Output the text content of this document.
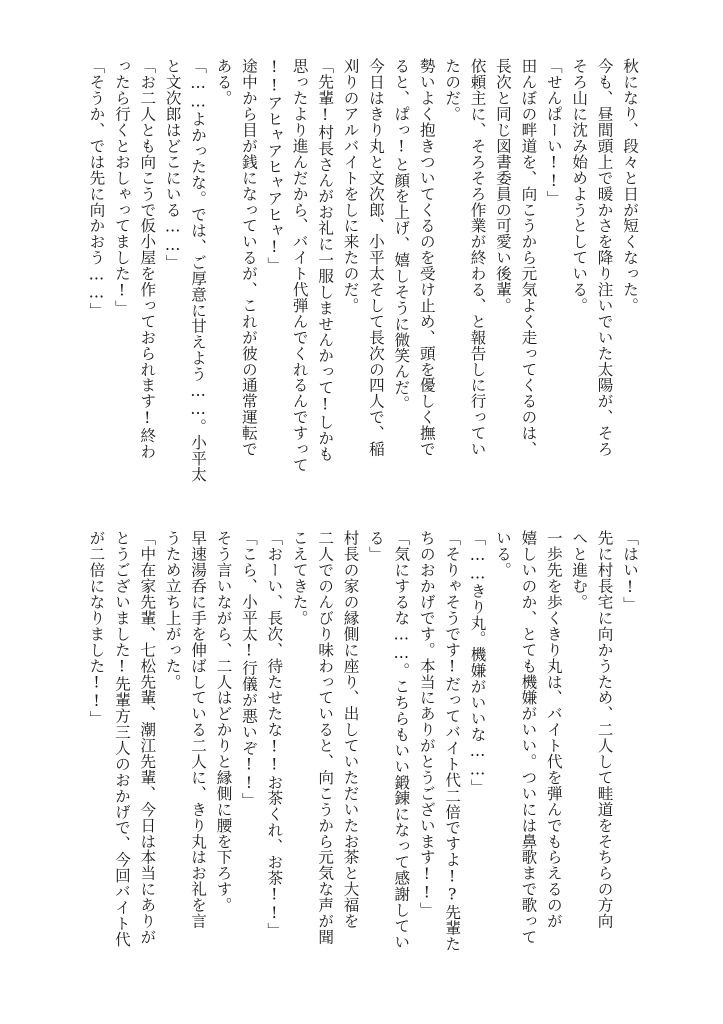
秋になり、段々と日が短くなった。
今も、昼間頭上で暖かさを降り注いでいた太陽が、そろ
そろ山に沈み始めようとしている。
「せんぱーい!!」
田んぼの畔道を、向こうから元気よく走ってくるのは、
長次と同じ図書委員の可愛い後輩。
依頼主に、そろそろ作業が終わる、と報告しに行ってい
たのだ。
勢いよく抱きついてくるのを受け止め、頭を優しく撫で
ると、ぱっ!と顔を上げ、嬉しそうに微笑んだ。
今日はきり丸と文次郎、小平太そして長次の四人で、稲
刈りのアルバイトをしに来たのだ。
「先輩!村長さんがお礼に一服しませんかって!しかも
思ったより進んだから、バイト代弾んでくれるんですって
!!アヒャアヒャアヒャ!」
途中から目が銭になっているが、これが彼の通常運転で
ある。
「……よかったな。では、ご厚意に甘えよう……。小平太
と文次郎はどこにいる……」
「お二人とも向こうで仮小屋を作っておられます!終わ
ったら行くとおしゃってました!」
「そうか、では先に向かおう……」
「はい!」
先に村長宅に向かうため、二人して畦道をそちらの方向
へと進む。
一歩先を歩くきり丸は、バイト代を弾んでもらえるのが
嬉しいのか、とても機嫌がいい。ついには鼻歌まで歌って
いる。
「……きり丸。機嫌がいいな……」
「そりゃそうです!だってバイト代二倍ですよ!?先輩た
ちのおかげです。本当にありがとうございます!!」
「気にするな……。こちらもいい鍛錬になって感謝してい
る」
村長の家の縁側に座り、出していただいたお茶と大福を
二人でのんびり味わっていると、向こうから元気な声が聞
こえてきた。
「おーい、長次、待たせたな!!お茶くれ、お茶!!」
「こら、小平太!行儀が悪いぞ!!」
そう言いながら、二人はどかりと縁側に腰を下ろす。
早速湯呑に手を伸ばしている二人に、きり丸はお礼を言
うため立ち上がった。
「中在家先輩、七松先輩、潮江先輩、今日は本当にありが
とうございました!先輩方三人のおかげで、今回バイト代
が二倍になりました!!」
